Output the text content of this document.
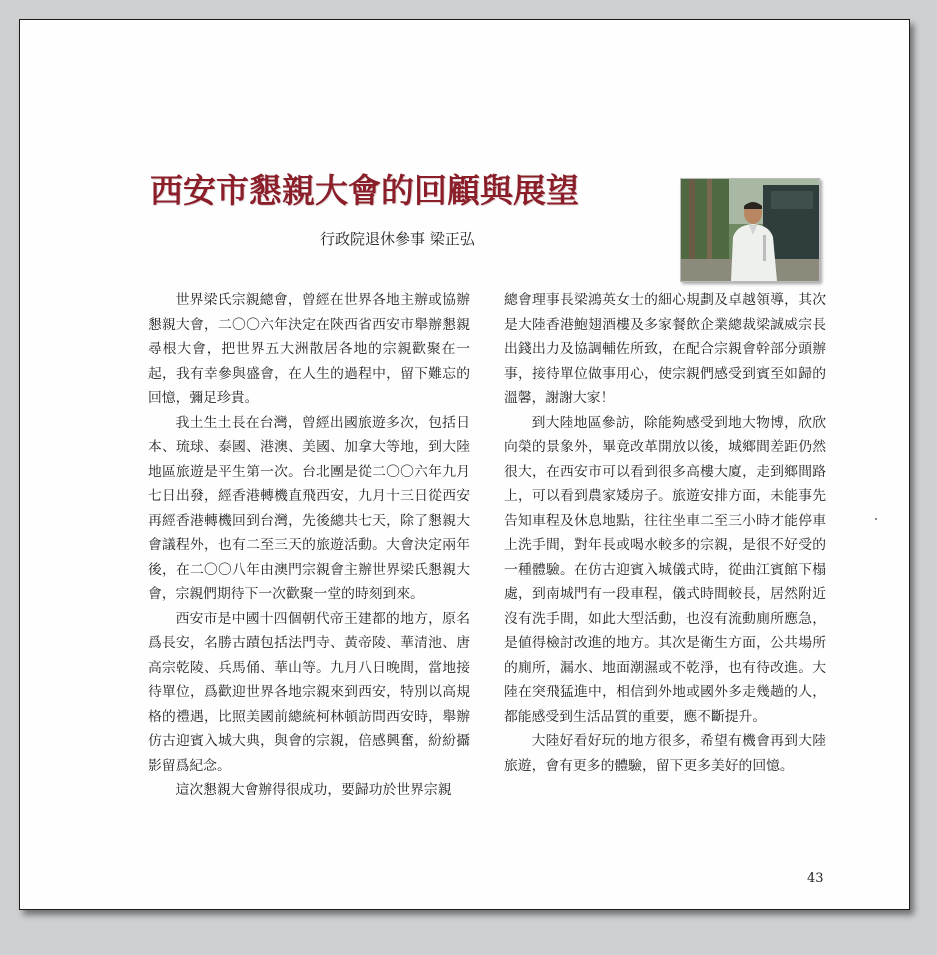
西安市懇親大會的回顧與展望
行政院退休參事 梁正弘

世界梁氏宗親總會，曾經在世界各地主辦或協辦懇親大會，二〇〇六年決定在陝西省西安市舉辦懇親尋根大會，把世界五大洲散居各地的宗親歡聚在一起，我有幸參與盛會，在人生的過程中，留下難忘的回憶，彌足珍貴。

我土生土長在台灣，曾經出國旅遊多次，包括日本、琉球、泰國、港澳、美國、加拿大等地，到大陸地區旅遊是平生第一次。台北團是從二〇〇六年九月七日出發，經香港轉機直飛西安，九月十三日從西安再經香港轉機回到台灣，先後總共七天，除了懇親大會議程外，也有二至三天的旅遊活動。大會決定兩年後，在二〇〇八年由澳門宗親會主辦世界梁氏懇親大會，宗親們期待下一次歡聚一堂的時刻到來。

西安市是中國十四個朝代帝王建都的地方，原名爲長安，名勝古蹟包括法門寺、黃帝陵、華清池、唐高宗乾陵、兵馬俑、華山等。九月八日晚間，當地接待單位，爲歡迎世界各地宗親來到西安，特別以高規格的禮遇，比照美國前總統柯林頓訪問西安時，舉辦仿古迎賓入城大典，與會的宗親，倍感興奮，紛紛攝影留爲紀念。

這次懇親大會辦得很成功，要歸功於世界宗親

總會理事長梁鴻英女士的細心規劃及卓越領導，其次是大陸香港鮑翅酒樓及多家餐飲企業總裁梁誠威宗長出錢出力及協調輔佐所致，在配合宗親會幹部分頭辦事，接待單位做事用心，使宗親們感受到賓至如歸的溫馨，謝謝大家！

到大陸地區參訪，除能夠感受到地大物博，欣欣向榮的景象外，畢竟改革開放以後，城鄉間差距仍然很大，在西安市可以看到很多高樓大廈，走到鄉間路上，可以看到農家矮房子。旅遊安排方面，未能事先告知車程及休息地點，往往坐車二至三小時才能停車上洗手間，對年長或喝水較多的宗親，是很不好受的一種體驗。在仿古迎賓入城儀式時，從曲江賓館下榻處，到南城門有一段車程，儀式時間較長，居然附近沒有洗手間，如此大型活動，也沒有流動廁所應急，是値得檢討改進的地方。其次是衛生方面，公共場所的廁所，漏水、地面潮濕或不乾淨，也有待改進。大陸在突飛猛進中，相信到外地或國外多走幾趟的人，都能感受到生活品質的重要，應不斷提升。

大陸好看好玩的地方很多，希望有機會再到大陸旅遊，會有更多的體驗，留下更多美好的回憶。

43
